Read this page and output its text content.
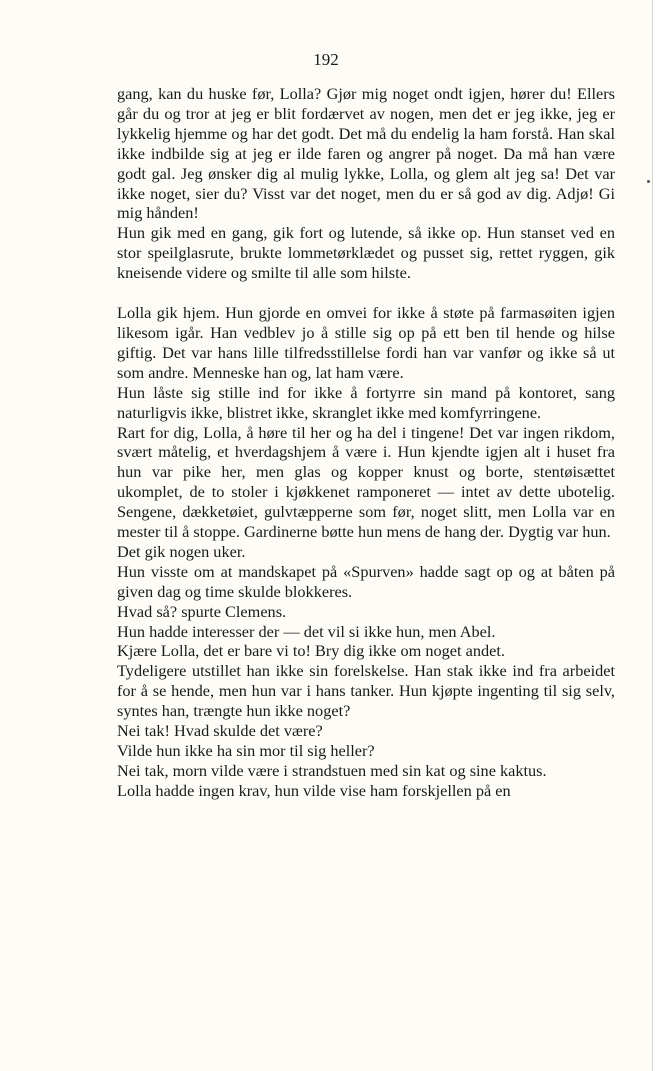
192

gang, kan du huske før, Lolla? Gjør mig noget ondt igjen, hører du! Ellers går du og tror at jeg er blit fordærvet av nogen, men det er jeg ikke, jeg er lykkelig hjemme og har det godt. Det må du endelig la ham forstå. Han skal ikke indbilde sig at jeg er ilde faren og angrer på noget. Da må han være godt gal. Jeg ønsker dig al mulig lykke, Lolla, og glem alt jeg sa! Det var ikke noget, sier du? Visst var det noget, men du er så god av dig. Adjø! Gi mig hånden!

Hun gik med en gang, gik fort og lutende, så ikke op. Hun stanset ved en stor speilglasrute, brukte lommetørklædet og pusset sig, rettet ryggen, gik kneisende videre og smilte til alle som hilste.

Lolla gik hjem. Hun gjorde en omvei for ikke å støte på farmasøiten igjen likesom igår. Han vedblev jo å stille sig op på ett ben til hende og hilse giftig. Det var hans lille tilfredsstillelse fordi han var vanfør og ikke så ut som andre. Menneske han og, lat ham være.

Hun låste sig stille ind for ikke å fortyrre sin mand på kontoret, sang naturligvis ikke, blistret ikke, skranglet ikke med komfyrringene.

Rart for dig, Lolla, å høre til her og ha del i tingene! Det var ingen rikdom, svært måtelig, et hverdagshjem å være i. Hun kjendte igjen alt i huset fra hun var pike her, men glas og kopper knust og borte, stentøisættet ukomplet, de to stoler i kjøkkenet ramponeret — intet av dette ubotelig. Sengene, dækketøiet, gulvtæpperne som før, noget slitt, men Lolla var en mester til å stoppe. Gardinerne bøtte hun mens de hang der. Dygtig var hun.

Det gik nogen uker.

Hun visste om at mandskapet på «Spurven» hadde sagt op og at båten på given dag og time skulde blokkeres.

Hvad så? spurte Clemens.

Hun hadde interesser der — det vil si ikke hun, men Abel.

Kjære Lolla, det er bare vi to! Bry dig ikke om noget andet.

Tydeligere utstillet han ikke sin forelskelse. Han stak ikke ind fra arbeidet for å se hende, men hun var i hans tanker. Hun kjøpte ingenting til sig selv, syntes han, trængte hun ikke noget?

Nei tak! Hvad skulde det være?

Vilde hun ikke ha sin mor til sig heller?

Nei tak, morn vilde være i strandstuen med sin kat og sine kaktus.

Lolla hadde ingen krav, hun vilde vise ham forskjellen på en
